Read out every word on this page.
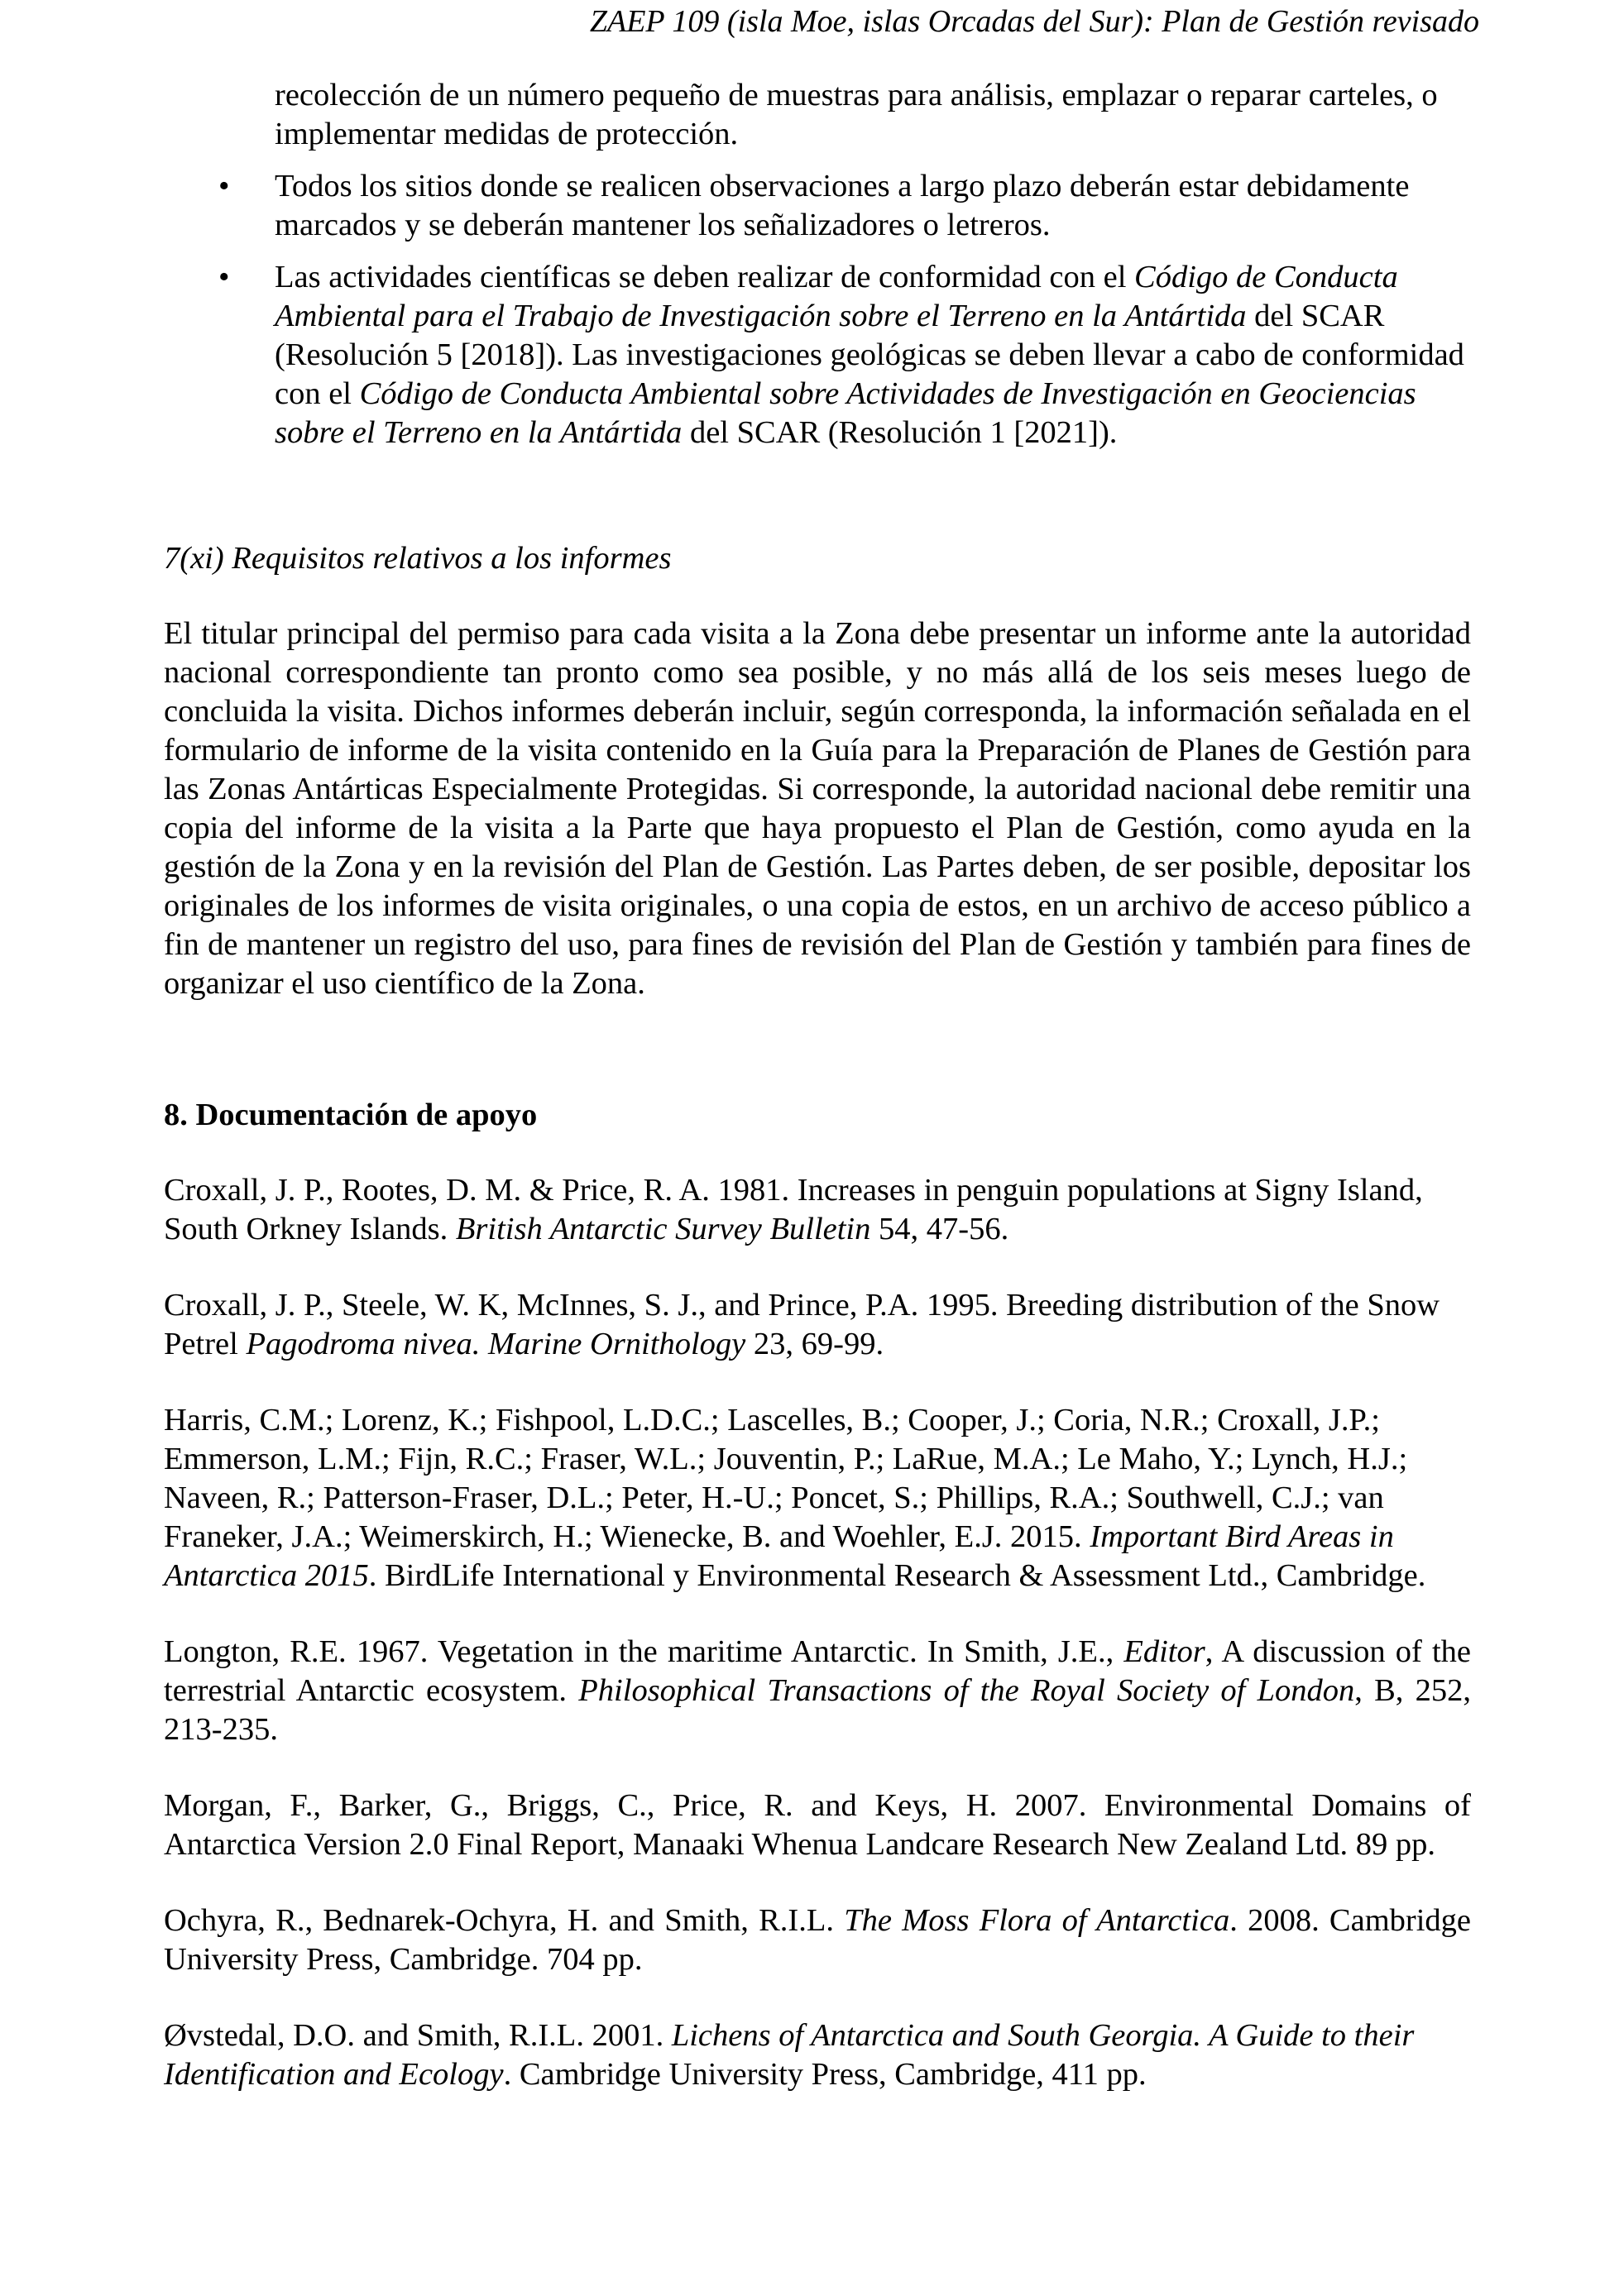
ZAEP 109 (isla Moe, islas Orcadas del Sur): Plan de Gestión revisado

recolección de un número pequeño de muestras para análisis, emplazar o reparar carteles, o implementar medidas de protección.

• Todos los sitios donde se realicen observaciones a largo plazo deberán estar debidamente marcados y se deberán mantener los señalizadores o letreros.
• Las actividades científicas se deben realizar de conformidad con el Código de Conducta Ambiental para el Trabajo de Investigación sobre el Terreno en la Antártida del SCAR (Resolución 5 [2018]). Las investigaciones geológicas se deben llevar a cabo de conformidad con el Código de Conducta Ambiental sobre Actividades de Investigación en Geociencias sobre el Terreno en la Antártida del SCAR (Resolución 1 [2021]).

7(xi) Requisitos relativos a los informes

El titular principal del permiso para cada visita a la Zona debe presentar un informe ante la autoridad nacional correspondiente tan pronto como sea posible, y no más allá de los seis meses luego de concluida la visita. Dichos informes deberán incluir, según corresponda, la información señalada en el formulario de informe de la visita contenido en la Guía para la Preparación de Planes de Gestión para las Zonas Antárticas Especialmente Protegidas. Si corresponde, la autoridad nacional debe remitir una copia del informe de la visita a la Parte que haya propuesto el Plan de Gestión, como ayuda en la gestión de la Zona y en la revisión del Plan de Gestión. Las Partes deben, de ser posible, depositar los originales de los informes de visita originales, o una copia de estos, en un archivo de acceso público a fin de mantener un registro del uso, para fines de revisión del Plan de Gestión y también para fines de organizar el uso científico de la Zona.

8. Documentación de apoyo

Croxall, J. P., Rootes, D. M. & Price, R. A. 1981. Increases in penguin populations at Signy Island, South Orkney Islands. British Antarctic Survey Bulletin 54, 47-56.

Croxall, J. P., Steele, W. K, McInnes, S. J., and Prince, P.A. 1995. Breeding distribution of the Snow Petrel Pagodroma nivea. Marine Ornithology 23, 69-99.

Harris, C.M.; Lorenz, K.; Fishpool, L.D.C.; Lascelles, B.; Cooper, J.; Coria, N.R.; Croxall, J.P.; Emmerson, L.M.; Fijn, R.C.; Fraser, W.L.; Jouventin, P.; LaRue, M.A.; Le Maho, Y.; Lynch, H.J.; Naveen, R.; Patterson-Fraser, D.L.; Peter, H.-U.; Poncet, S.; Phillips, R.A.; Southwell, C.J.; van Franeker, J.A.; Weimerskirch, H.; Wienecke, B. and Woehler, E.J. 2015. Important Bird Areas in Antarctica 2015. BirdLife International y Environmental Research & Assessment Ltd., Cambridge.

Longton, R.E. 1967. Vegetation in the maritime Antarctic. In Smith, J.E., Editor, A discussion of the terrestrial Antarctic ecosystem. Philosophical Transactions of the Royal Society of London, B, 252, 213-235.

Morgan, F., Barker, G., Briggs, C., Price, R. and Keys, H. 2007. Environmental Domains of Antarctica Version 2.0 Final Report, Manaaki Whenua Landcare Research New Zealand Ltd. 89 pp.

Ochyra, R., Bednarek-Ochyra, H. and Smith, R.I.L. The Moss Flora of Antarctica. 2008. Cambridge University Press, Cambridge. 704 pp.

Øvstedal, D.O. and Smith, R.I.L. 2001. Lichens of Antarctica and South Georgia. A Guide to their Identification and Ecology. Cambridge University Press, Cambridge, 411 pp.
